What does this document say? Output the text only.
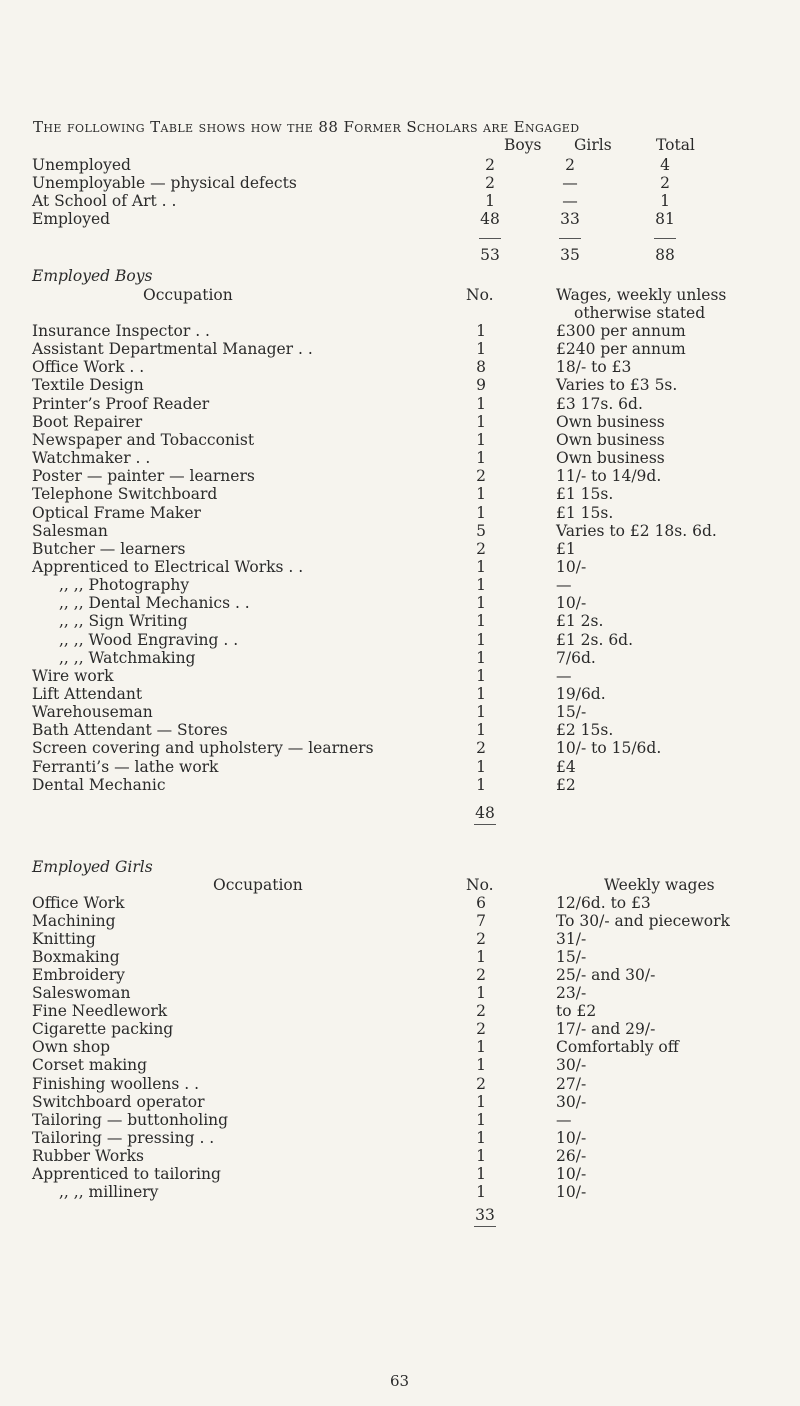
The following Table shows how the 88 Former Scholars are Engaged
Boys Girls	Total
Unemployed	2	2	4
Unemployable — physical defects	2	—	2
At School of Art . .	1	—	1
Employed	48	33	81
53	35	88
Employed Boys
Occupation	No.	Wages, weekly unless
otherwise stated
Insurance Inspector . .	1	£300 per annum
Assistant Departmental Manager . .	1	£240 per annum
Office Work . .	8	18/- to £3
Textile Design	9	Varies to £3 5s.
Printer’s Proof Reader	1	£3 17s. 6d.
Boot Repairer	1	Own business
Newspaper and Tobacconist	1	Own business
Watchmaker . .	1	Own business
Poster — painter — learners	2	11/- to 14/9d.
Telephone Switchboard	1	£1 15s.
Optical Frame Maker	1	£1 15s.
Salesman	5	Varies to £2 18s. 6d.
Butcher — learners	2	£1
Apprenticed to Electrical Works . .	1	10/-
,, ,, Photography	1	—
,, ,, Dental Mechanics . .	1	10/-
,, ,, Sign Writing	1	£1 2s.
,, ,, Wood Engraving . .	1	£1 2s. 6d.
,, ,, Watchmaking	1	7/6d.
Wire work	1	—
Lift Attendant	1	19/6d.
Warehouseman	1	15/-
Bath Attendant — Stores	1	£2 15s.
Screen covering and upholstery — learners	2	10/- to 15/6d.
Ferranti’s — lathe work	1	£4
Dental Mechanic	1	£2
48
Employed Girls
Occupation	No.	Weekly wages
Office Work	6	12/6d. to £3
Machining	7	To 30/- and piecework
Knitting	2	31/-
Boxmaking	1	15/-
Embroidery	2	25/- and 30/-
Saleswoman	1	23/-
Fine Needlework	2	to £2
Cigarette packing	2	17/- and 29/-
Own shop	1	Comfortably off
Corset making	1	30/-
Finishing woollens . .	2	27/-
Switchboard operator	1	30/-
Tailoring — buttonholing	1	—
Tailoring — pressing . .	1	10/-
Rubber Works	1	26/-
Apprenticed to tailoring	1	10/-
,, ,, millinery	1	10/-
33
63
